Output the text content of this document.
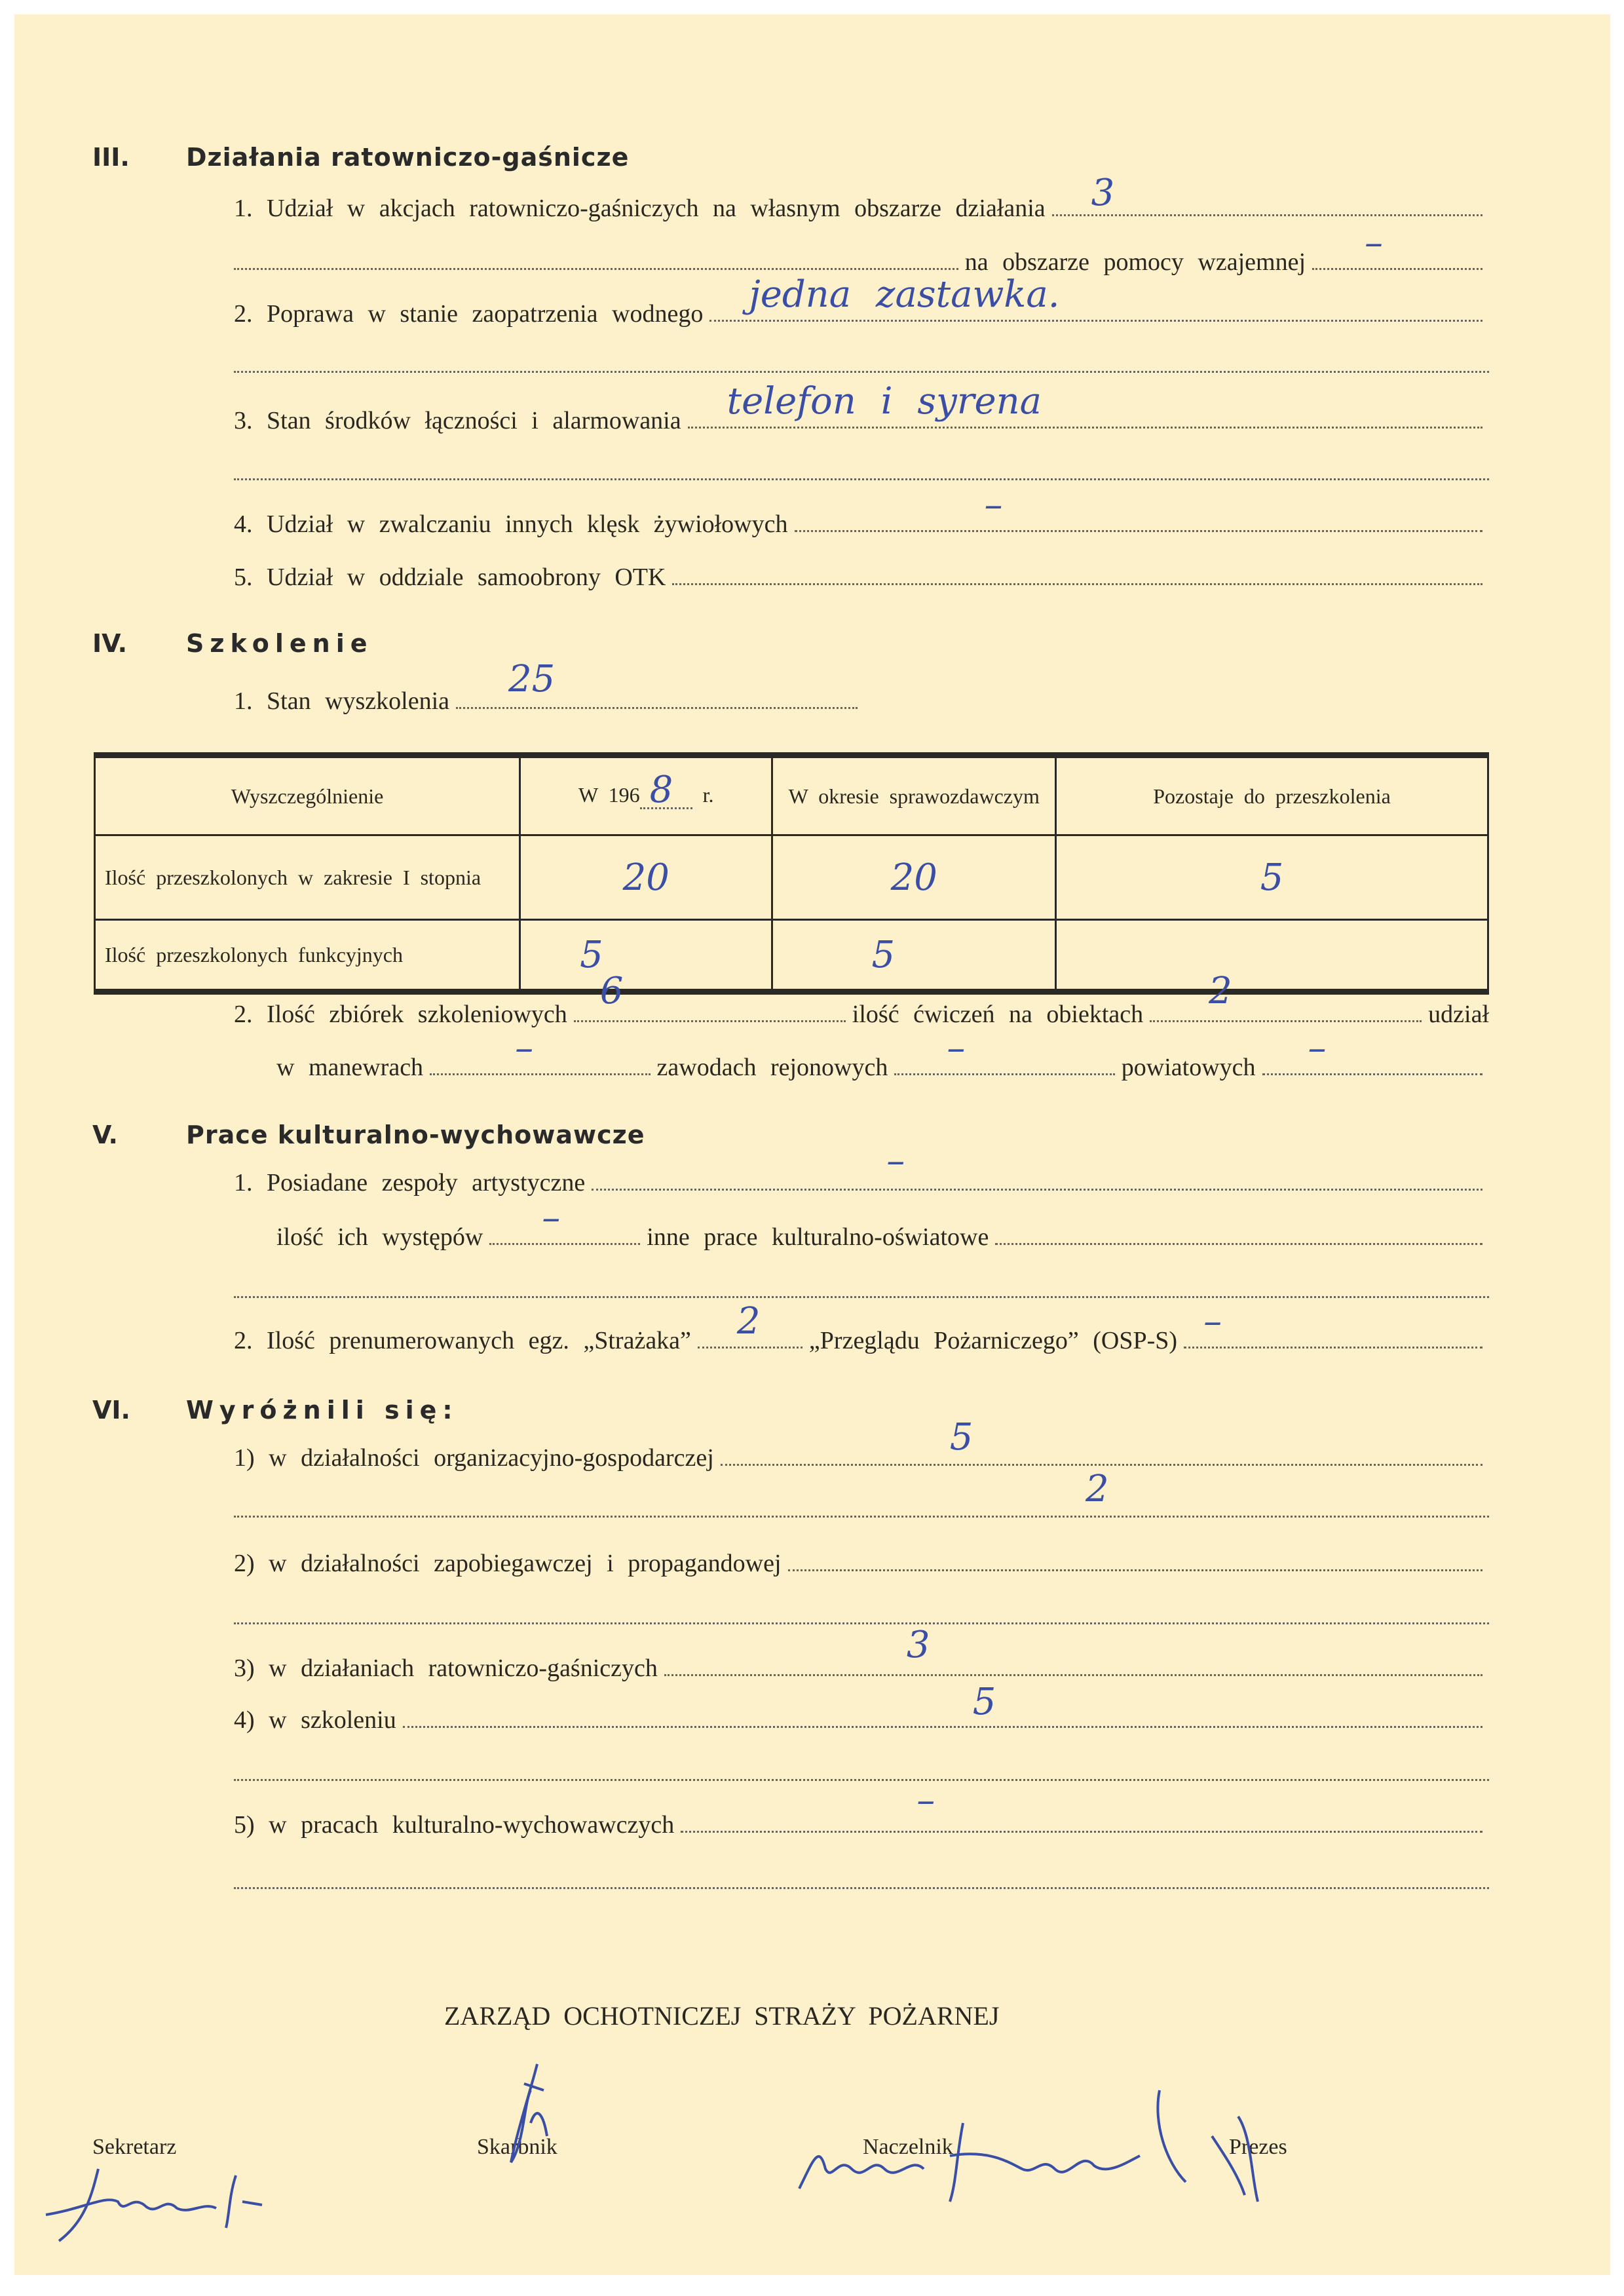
III.	Działania ratowniczo-gaśnicze
1. Udział w akcjach ratowniczo-gaśniczych na własnym obszarze działania 3
na obszarze pomocy wzajemnej –
2. Poprawa w stanie zaopatrzenia wodnego jedna zastawka.
3. Stan środków łączności i alarmowania telefon i syrena
4. Udział w zwalczaniu innych klęsk żywiołowych	–
5. Udział w oddziale samoobrony OTK
IV.	Szkolenie
1. Stan wyszkolenia
25
Wyszczególnienie	W 196 8 r.	W okresie sprawozdawczym	Pozostaje do przeszkolenia
Ilość przeszkolonych w zakresie I stopnia	20	20	5
Ilość przeszkolonych funkcyjnych	5	5	
2. Ilość zbiórek szkoleniowych
6
ilość ćwiczeń na obiektach
2
udział
w manewrach	–	zawodach rejonowych –	powiatowych –
V.	Prace kulturalno-wychowawcze
1. Posiadane zespoły artystyczne
–
ilość ich występów –	inne prace kulturalno-oświatowe
2. Ilość prenumerowanych egz. „Strażaka” 2 „Przeglądu Pożarniczego” (OSP-S) –
VI.	Wyróżnili się:
1) w działalności organizacyjno-gospodarczej	5
2
2) w działalności zapobiegawczej i propagandowej
3) w działaniach ratowniczo-gaśniczych
3
4) w szkoleniu	5
5) w pracach kulturalno-wychowawczych
–
ZARZĄD OCHOTNICZEJ STRAŻY POŻARNEJ
Sekretarz	Skarbnik	Naczelnik	Prezes
